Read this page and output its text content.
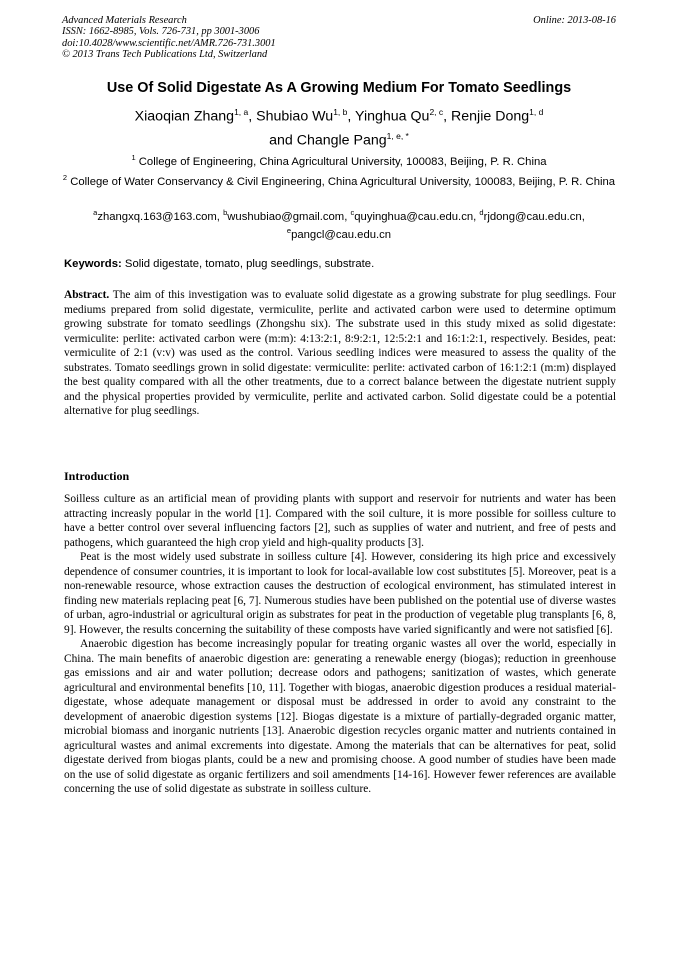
Advanced Materials Research
ISSN: 1662-8985, Vols. 726-731, pp 3001-3006
doi:10.4028/www.scientific.net/AMR.726-731.3001
© 2013 Trans Tech Publications Ltd, Switzerland
Online: 2013-08-16
Use Of Solid Digestate As A Growing Medium For Tomato Seedlings
Xiaoqian Zhang$^{1, a}$, Shubiao Wu$^{1, b}$, Yinghua Qu$^{2, c}$, Renjie Dong$^{1, d}$
and Changle Pang$^{1, e, *}$
$^1$ College of Engineering, China Agricultural University, 100083, Beijing, P. R. China
$^2$ College of Water Conservancy & Civil Engineering, China Agricultural University, 100083, Beijing, P. R. China
$^a$zhangxq.163@163.com, $^b$wushubiao@gmail.com, $^c$quyinghua@cau.edu.cn, $^d$rjdong@cau.edu.cn,
$^e$pangcl@cau.edu.cn
Keywords: Solid digestate, tomato, plug seedlings, substrate.
Abstract. The aim of this investigation was to evaluate solid digestate as a growing substrate for plug seedlings. Four mediums prepared from solid digestate, vermiculite, perlite and activated carbon were used to determine optimum growing substrate for tomato seedlings (Zhongshu six). The substrate used in this study mixed as solid digestate: vermiculite: perlite: activated carbon were (m:m): 4:13:2:1, 8:9:2:1, 12:5:2:1 and 16:1:2:1, respectively. Besides, peat: vermiculite of 2:1 (v:v) was used as the control. Various seedling indices were measured to assess the quality of the substrates. Tomato seedlings grown in solid digestate: vermiculite: perlite: activated carbon of 16:1:2:1 (m:m) displayed the best quality compared with all the other treatments, due to a correct balance between the digestate nutrient supply and the physical properties provided by vermiculite, perlite and activated carbon. Solid digestate could be a potential alternative for plug seedlings.
Introduction

Soilless culture as an artificial mean of providing plants with support and reservoir for nutrients and water has been attracting increasly popular in the world [1]. Compared with the soil culture, it is more possible for soilless culture to have a better control over several influencing factors [2], such as supplies of water and nutrient, and free of pests and pathogens, which guaranteed the high crop yield and high-quality products [3].

Peat is the most widely used substrate in soilless culture [4]. However, considering its high price and excessively dependence of consumer countries, it is important to look for local-available low cost substitutes [5]. Moreover, peat is a non-renewable resource, whose extraction causes the destruction of ecological environment, has stimulated interest in finding new materials replacing peat [6, 7]. Numerous studies have been published on the potential use of diverse wastes of urban, agro-industrial or agricultural origin as substrates for peat in the production of vegetable plug transplants [6, 8, 9]. However, the results concerning the suitability of these composts have varied significantly and were not satisfied [6].

Anaerobic digestion has become increasingly popular for treating organic wastes all over the world, especially in China. The main benefits of anaerobic digestion are: generating a renewable energy (biogas); reduction in greenhouse gas emissions and air and water pollution; decrease odors and pathogens; sanitization of wastes, which generate agricultural and environmental benefits [10, 11]. Together with biogas, anaerobic digestion produces a residual material-digestate, whose adequate management or disposal must be addressed in order to avoid any constraint to the development of anaerobic digestion systems [12]. Biogas digestate is a mixture of partially-degraded organic matter, microbial biomass and inorganic nutrients [13]. Anaerobic digestion recycles organic matter and nutrients contained in agricultural wastes and animal excrements into digestate. Among the materials that can be alternatives for peat, solid digestate derived from biogas plants, could be a new and promising choose. A good number of studies have been made on the use of solid digestate as organic fertilizers and soil amendments [14-16]. However fewer references are available concerning the use of solid digestate as substrate in soilless culture.
